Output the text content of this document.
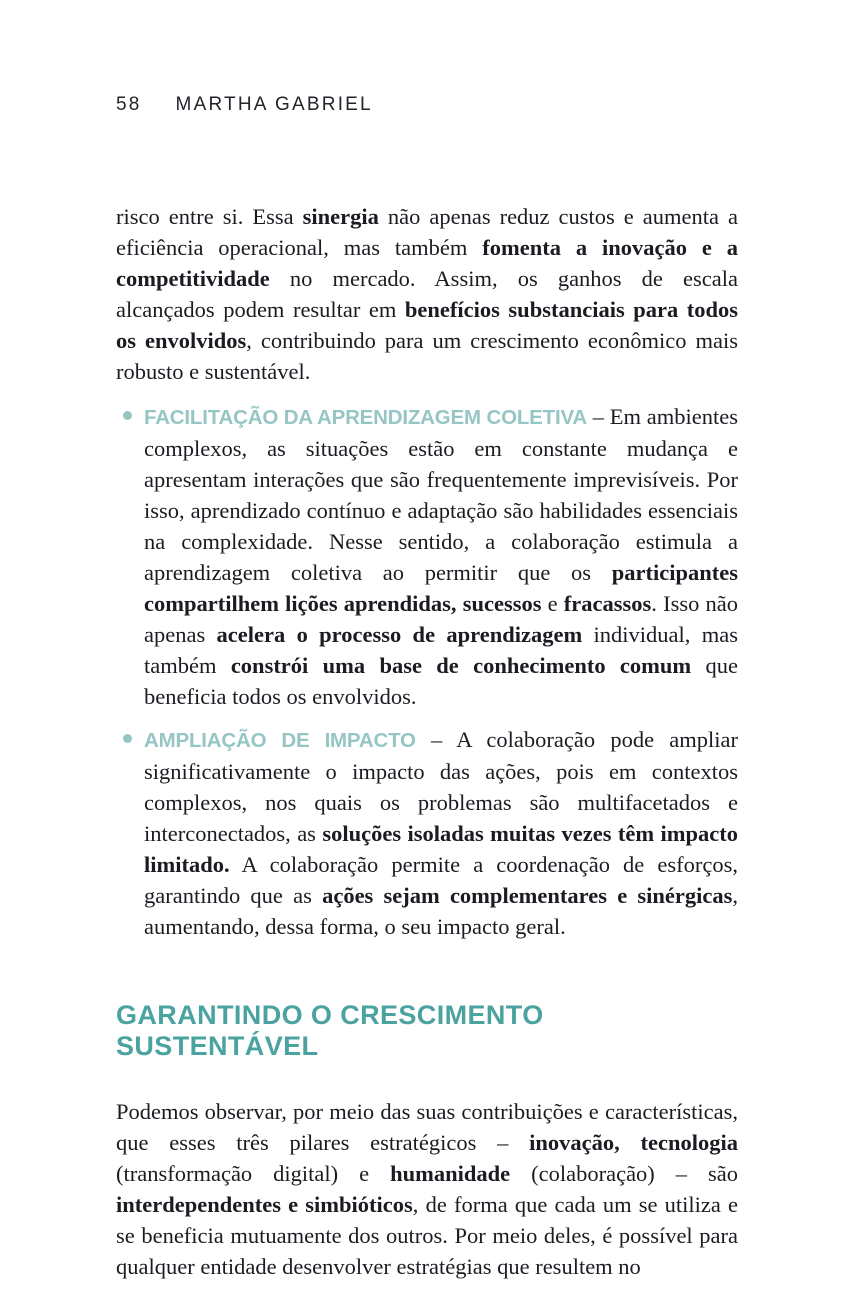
58 MARTHA GABRIEL

risco entre si. Essa sinergia não apenas reduz custos e aumenta a eficiência operacional, mas também fomenta a inovação e a competitividade no mercado. Assim, os ganhos de escala alcançados podem resultar em benefícios substanciais para todos os envolvidos, contribuindo para um crescimento econômico mais robusto e sustentável.

FACILITAÇÃO DA APRENDIZAGEM COLETIVA – Em ambientes complexos, as situações estão em constante mudança e apresentam interações que são frequentemente imprevisíveis. Por isso, aprendizado contínuo e adaptação são habilidades essenciais na complexidade. Nesse sentido, a colaboração estimula a aprendizagem coletiva ao permitir que os participantes compartilhem lições aprendidas, sucessos e fracassos. Isso não apenas acelera o processo de aprendizagem individual, mas também constrói uma base de conhecimento comum que beneficia todos os envolvidos.
AMPLIAÇÃO DE IMPACTO – A colaboração pode ampliar significativamente o impacto das ações, pois em contextos complexos, nos quais os problemas são multifacetados e interconectados, as soluções isoladas muitas vezes têm impacto limitado. A colaboração permite a coordenação de esforços, garantindo que as ações sejam complementares e sinérgicas, aumentando, dessa forma, o seu impacto geral.
GARANTINDO O CRESCIMENTO SUSTENTÁVEL

Podemos observar, por meio das suas contribuições e características, que esses três pilares estratégicos – inovação, tecnologia (transformação digital) e humanidade (colaboração) – são interdependentes e simbióticos, de forma que cada um se utiliza e se beneficia mutuamente dos outros. Por meio deles, é possível para qualquer entidade desenvolver estratégias que resultem no
